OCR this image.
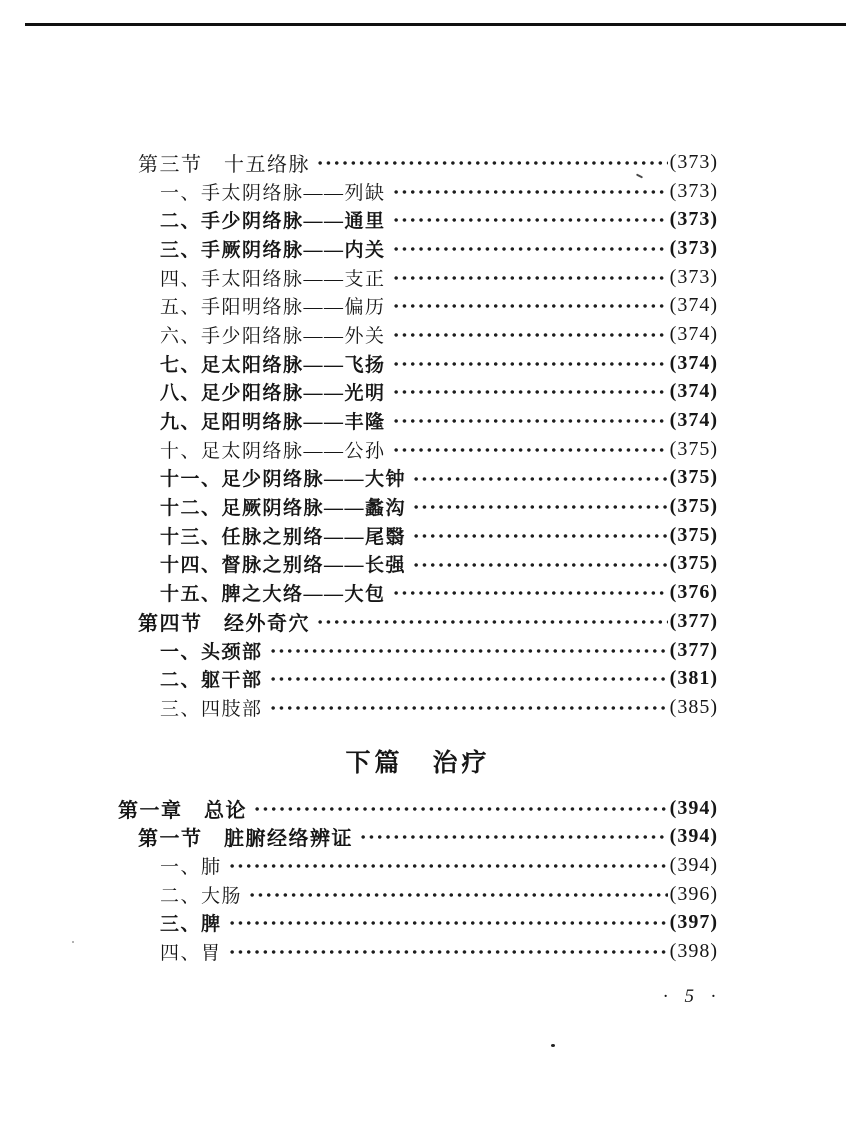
第三节　十五络脉	(373)
一、手太阴络脉——列缺	(373)
二、手少阴络脉——通里	(373)
三、手厥阴络脉——内关	(373)
四、手太阳络脉——支正	(373)
五、手阳明络脉——偏历	(374)
六、手少阳络脉——外关	(374)
七、足太阳络脉——飞扬	(374)
八、足少阳络脉——光明	(374)
九、足阳明络脉——丰隆	(374)
十、足太阴络脉——公孙	(375)
十一、足少阴络脉——大钟	(375)
十二、足厥阴络脉——蠡沟	(375)
十三、任脉之别络——尾翳	(375)
十四、督脉之别络——长强	(375)
十五、脾之大络——大包	(376)
第四节　经外奇穴	(377)
一、头颈部	(377)
二、躯干部	(381)
三、四肢部	(385)
下篇　治疗
第一章　总论	(394)
第一节　脏腑经络辨证	(394)
一、肺	(394)
二、大肠	(396)
三、脾	(397)
四、胃	(398)
· 5 ·
